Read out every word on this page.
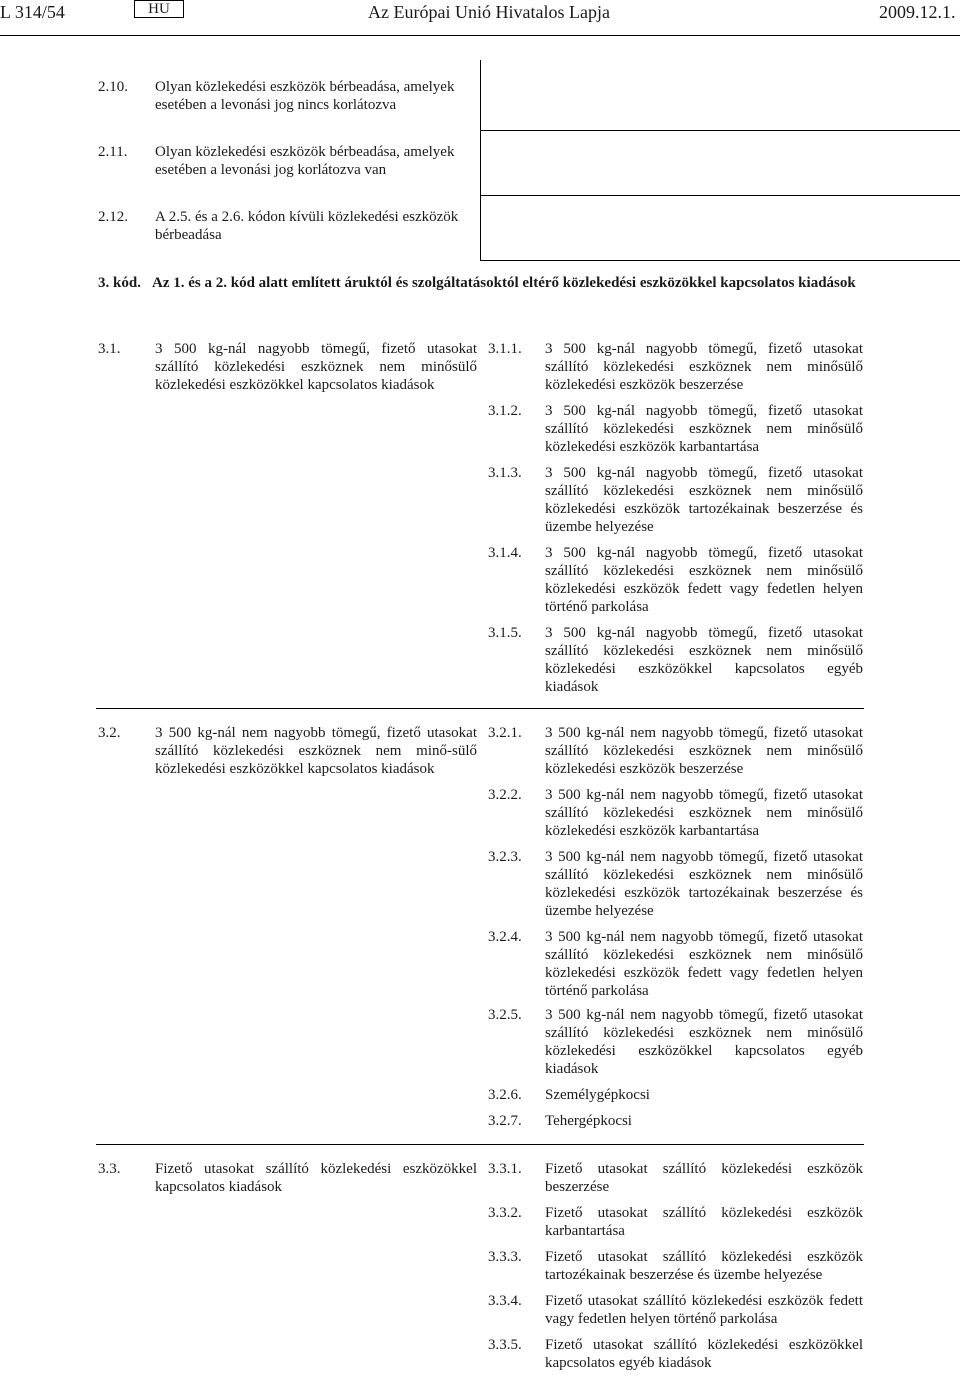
L 314/54	HU	Az Európai Unió Hivatalos Lapja	2009.12.1.
2.10. Olyan közlekedési eszközök bérbeadása, amelyek esetében a levonási jog nincs korlátozva
2.11. Olyan közlekedési eszközök bérbeadása, amelyek esetében a levonási jog korlátozva van
2.12. A 2.5. és a 2.6. kódon kívüli közlekedési eszközök bérbeadása
3. kód. Az 1. és a 2. kód alatt említett áruktól és szolgáltatásoktól eltérő közlekedési eszközökkel kapcsolatos kiadások
3.1. 3 500 kg-nál nagyobb tömegű, fizető utasokat szállító közlekedési eszköznek nem minősülő közlekedési eszközökkel kapcsolatos kiadások
3.1.1. 3 500 kg-nál nagyobb tömegű, fizető utasokat szállító közlekedési eszköznek nem minősülő közlekedési eszközök beszerzése
3.1.2. 3 500 kg-nál nagyobb tömegű, fizető utasokat szállító közlekedési eszköznek nem minősülő közlekedési eszközök karbantartása
3.1.3. 3 500 kg-nál nagyobb tömegű, fizető utasokat szállító közlekedési eszköznek nem minősülő közlekedési eszközök tartozékainak beszerzése és üzembe helyezése
3.1.4. 3 500 kg-nál nagyobb tömegű, fizető utasokat szállító közlekedési eszköznek nem minősülő közlekedési eszközök fedett vagy fedetlen helyen történő parkolása
3.1.5. 3 500 kg-nál nagyobb tömegű, fizető utasokat szállító közlekedési eszköznek nem minősülő közlekedési eszközökkel kapcsolatos egyéb kiadások
3.2. 3 500 kg-nál nem nagyobb tömegű, fizető utasokat szállító közlekedési eszköznek nem minő-sülő közlekedési eszközökkel kapcsolatos kiadások
3.2.1. 3 500 kg-nál nem nagyobb tömegű, fizető utasokat szállító közlekedési eszköznek nem minősülő közlekedési eszközök beszerzése
3.2.2. 3 500 kg-nál nem nagyobb tömegű, fizető utasokat szállító közlekedési eszköznek nem minősülő közlekedési eszközök karbantartása
3.2.3. 3 500 kg-nál nem nagyobb tömegű, fizető utasokat szállító közlekedési eszköznek nem minősülő közlekedési eszközök tartozékainak beszerzése és üzembe helyezése
3.2.4. 3 500 kg-nál nem nagyobb tömegű, fizető utasokat szállító közlekedési eszköznek nem minősülő közlekedési eszközök fedett vagy fedetlen helyen történő parkolása
3.2.5. 3 500 kg-nál nem nagyobb tömegű, fizető utasokat szállító közlekedési eszköznek nem minősülő közlekedési eszközökkel kapcsolatos egyéb kiadások
3.2.6. Személygépkocsi
3.2.7. Tehergépkocsi
3.3. Fizető utasokat szállító közlekedési eszközökkel kapcsolatos kiadások
3.3.1. Fizető utasokat szállító közlekedési eszközök beszerzése
3.3.2. Fizető utasokat szállító közlekedési eszközök karbantartása
3.3.3. Fizető utasokat szállító közlekedési eszközök tartozékainak beszerzése és üzembe helyezése
3.3.4. Fizető utasokat szállító közlekedési eszközök fedett vagy fedetlen helyen történő parkolása
3.3.5. Fizető utasokat szállító közlekedési eszközökkel kapcsolatos egyéb kiadások
